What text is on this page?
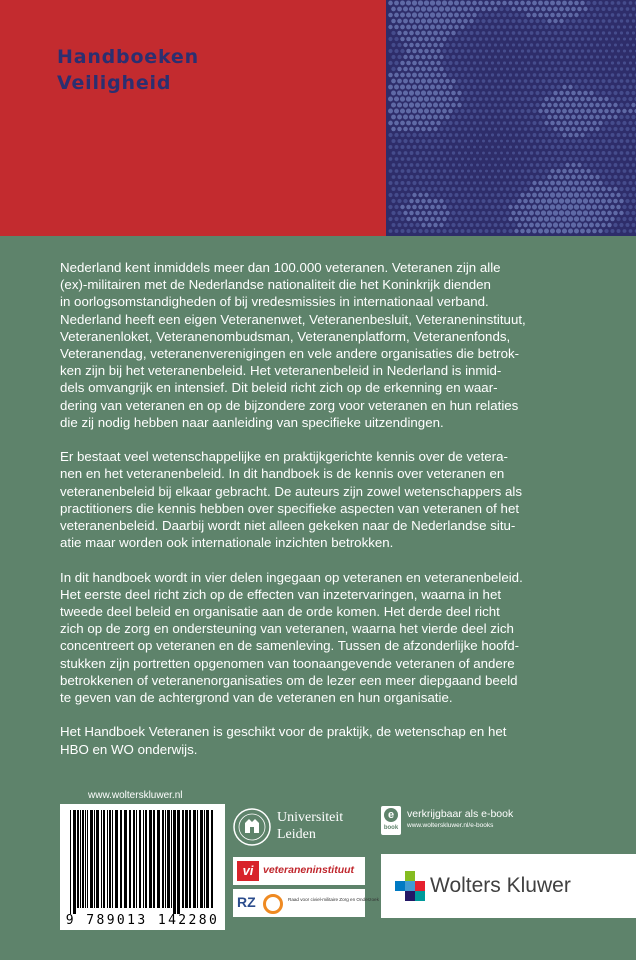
Handboeken
Veiligheid

Nederland kent inmiddels meer dan 100.000 veteranen. Veteranen zijn alle
(ex)-militairen met de Nederlandse nationaliteit die het Koninkrijk dienden
in oorlogsomstandigheden of bij vredesmissies in internationaal verband.
Nederland heeft een eigen Veteranenwet, Veteranenbesluit, Veteraneninstituut,
Veteranenloket, Veteranenombudsman, Veteranenplatform, Veteranenfonds,
Veteranendag, veteranenverenigingen en vele andere organisaties die betrok-
ken zijn bij het veteranenbeleid. Het veteranenbeleid in Nederland is inmid-
dels omvangrijk en intensief. Dit beleid richt zich op de erkenning en waar-
dering van veteranen en op de bijzondere zorg voor veteranen en hun relaties
die zij nodig hebben naar aanleiding van specifieke uitzendingen.

Er bestaat veel wetenschappelijke en praktijkgerichte kennis over de vetera-
nen en het veteranenbeleid. In dit handboek is de kennis over veteranen en
veteranenbeleid bij elkaar gebracht. De auteurs zijn zowel wetenschappers als
practitioners die kennis hebben over specifieke aspecten van veteranen of het
veteranenbeleid. Daarbij wordt niet alleen gekeken naar de Nederlandse situ-
atie maar worden ook internationale inzichten betrokken.

In dit handboek wordt in vier delen ingegaan op veteranen en veteranenbeleid.
Het eerste deel richt zich op de effecten van inzetervaringen, waarna in het
tweede deel beleid en organisatie aan de orde komen. Het derde deel richt
zich op de zorg en ondersteuning van veteranen, waarna het vierde deel zich
concentreert op veteranen en de samenleving. Tussen de afzonderlijke hoofd-
stukken zijn portretten opgenomen van toonaangevende veteranen of andere
betrokkenen of veteranenorganisaties om de lezer een meer diepgaand beeld
te geven van de achtergrond van de veteranen en hun organisatie.

Het Handboek Veteranen is geschikt voor de praktijk, de wetenschap en het
HBO en WO onderwijs.

www.wolterskluwer.nl
9 789013 142280
Universiteit
Leiden
vi veteraneninstituut
RZ	Raad voor civiel-militaire Zorg en Onderzoek
e
book
verkrijgbaar als e-book
www.wolterskluwer.nl/e-books
Wolters Kluwer
